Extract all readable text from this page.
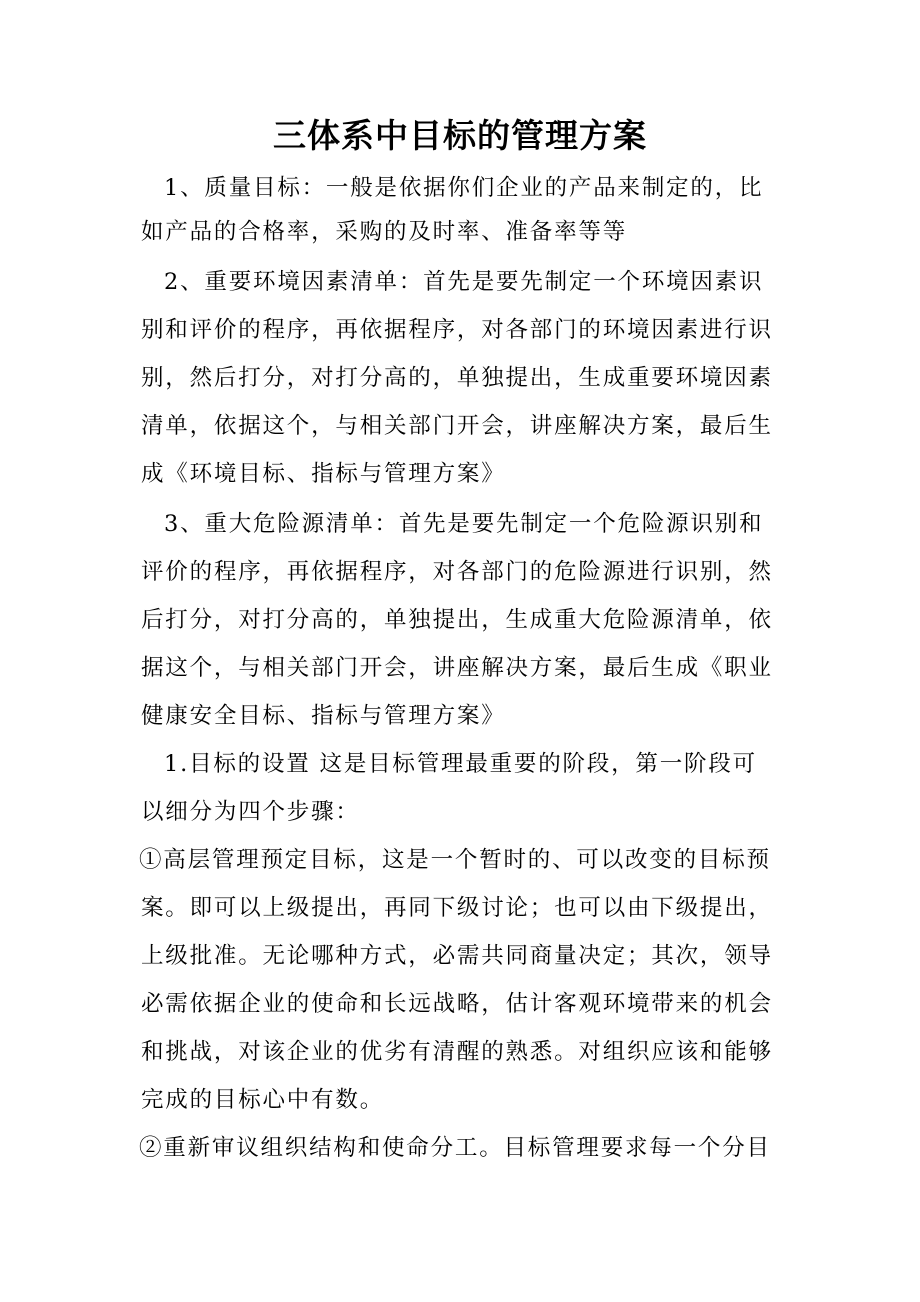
三体系中目标的管理方案

1、质量目标：一般是依据你们企业的产品来制定的，比

如产品的合格率，采购的及时率、准备率等等

2、重要环境因素清单：首先是要先制定一个环境因素识

别和评价的程序，再依据程序，对各部门的环境因素进行识

别，然后打分，对打分高的，单独提出，生成重要环境因素

清单，依据这个，与相关部门开会，讲座解决方案，最后生

成《环境目标、指标与管理方案》

3、重大危险源清单：首先是要先制定一个危险源识别和

评价的程序，再依据程序，对各部门的危险源进行识别，然

后打分，对打分高的，单独提出，生成重大危险源清单，依

据这个，与相关部门开会，讲座解决方案，最后生成《职业

健康安全目标、指标与管理方案》

1.目标的设置 这是目标管理最重要的阶段，第一阶段可

以细分为四个步骤：

①高层管理预定目标，这是一个暂时的、可以改变的目标预

案。即可以上级提出，再同下级讨论；也可以由下级提出，

上级批准。无论哪种方式，必需共同商量决定；其次，领导

必需依据企业的使命和长远战略，估计客观环境带来的机会

和挑战，对该企业的优劣有清醒的熟悉。对组织应该和能够

完成的目标心中有数。

②重新审议组织结构和使命分工。目标管理要求每一个分目
